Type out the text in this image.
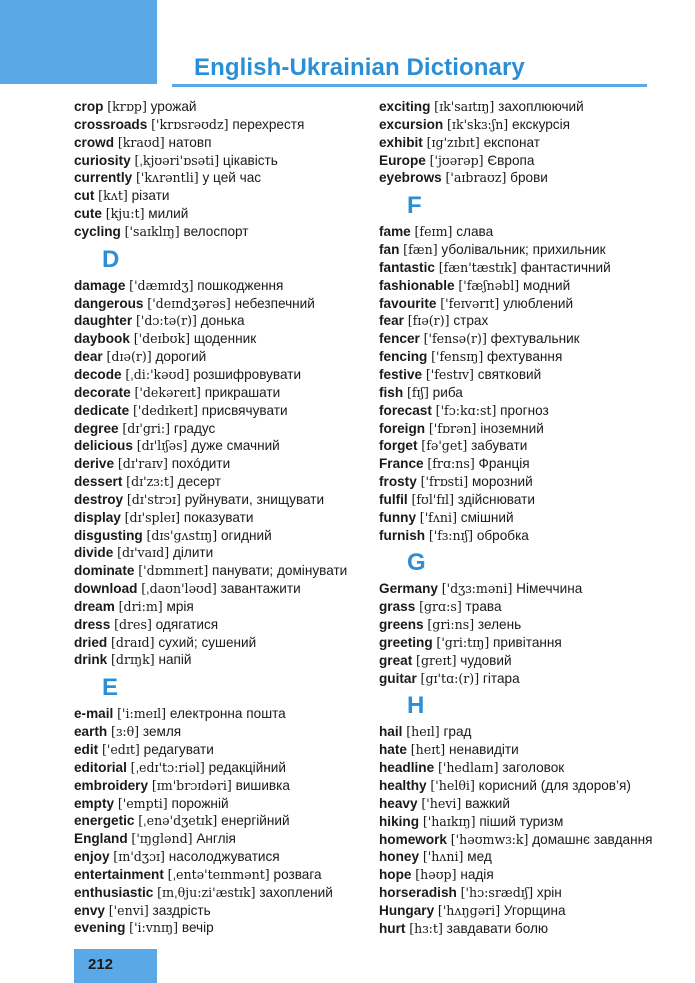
English-Ukrainian Dictionary
crop [krɒp] урожай
crossroads ['krɒsrəʊdz] перехрестя
crowd [kraʊd] натовп
curiosity [ˌkjʊəri'ɒsəti] цікавість
currently ['kʌrəntli] у цей час
cut [kʌt] різати
cute [kju:t] милий
cycling ['saɪklɪŋ] велоспорт
D
damage ['dæmɪdʒ] пошкодження
dangerous ['deɪndʒərəs] небезпечний
daughter ['dɔ:tə(r)] донька
daybook ['deɪbʊk] щоденник
dear [dɪə(r)] дорогий
decode [ˌdi:'kəʊd] розшифровувати
decorate ['dekəreɪt] прикрашати
dedicate ['dedɪkeɪt] присвячувати
degree [dɪ'gri:] градус
delicious [dɪ'lɪʃəs] дуже смачний
derive [dɪ'raɪv] похóдити
dessert [dɪ'zɜ:t] десерт
destroy [dɪ'strɔɪ] руйнувати, знищувати
display [dɪ'spleɪ] показувати
disgusting [dɪs'gʌstɪŋ] огидний
divide [dɪ'vaɪd] ділити
dominate ['dɒmɪneɪt] панувати; домінувати
download [ˌdaʊn'ləʊd] завантажити
dream [dri:m] мрія
dress [dres] одягатися
dried [draɪd] сухий; сушений
drink [drɪŋk] напій
E
e-mail ['i:meɪl] електронна пошта
earth [ɜ:θ] земля
edit ['edɪt] редагувати
editorial [ˌedɪ'tɔ:riəl] редакційний
embroidery [ɪm'brɔɪdəri] вишивка
empty ['empti] порожній
energetic [ˌenə'dʒetɪk] енергійний
England ['ɪŋglənd] Англія
enjoy [ɪn'dʒɔɪ] насолоджуватися
entertainment [ˌentə'teɪnmənt] розвага
enthusiastic [ɪnˌθju:zi'æstɪk] захоплений
envy ['envi] заздрість
evening ['i:vnɪŋ] вечір
exciting [ɪk'saɪtɪŋ] захоплюючий
excursion [ɪk'skɜ:ʃn] екскурсія
exhibit [ɪg'zɪbɪt] експонат
Europe ['jʊərəp] Європа
eyebrows ['aɪbraʊz] брови
F
fame [feɪm] слава
fan [fæn] уболівальник; прихильник
fantastic [fæn'tæstɪk] фантастичний
fashionable ['fæʃnəbl] модний
favourite ['feɪvərɪt] улюблений
fear [fɪə(r)] страх
fencer ['fensə(r)] фехтувальник
fencing ['fensɪŋ] фехтування
festive ['festɪv] святковий
fish [fɪʃ] риба
forecast ['fɔ:kɑ:st] прогноз
foreign ['fɒrən] іноземний
forget [fə'get] забувати
France [frɑ:ns] Франція
frosty ['frɒsti] морозний
fulfil [fʊl'fɪl] здійснювати
funny ['fʌni] смішний
furnish ['fɜ:nɪʃ] обробка
G
Germany ['dʒɜ:məni] Німеччина
grass [grɑ:s] трава
greens [gri:ns] зелень
greeting ['gri:tɪŋ] привітання
great [greɪt] чудовий
guitar [gɪ'tɑ:(r)] гітара
H
hail [heɪl] град
hate [heɪt] ненавидіти
headline ['hedlaɪn] заголовок
healthy ['helθi] корисний (для здоров’я)
heavy ['hevi] важкий
hiking ['haɪkɪŋ] піший туризм
homework ['həʊmwɜ:k] домашнє завдання
honey ['hʌni] мед
hope [həʊp] надія
horseradish ['hɔ:srædɪʃ] хрін
Hungary ['hʌŋgəri] Угорщина
hurt [hɜ:t] завдавати болю
212
